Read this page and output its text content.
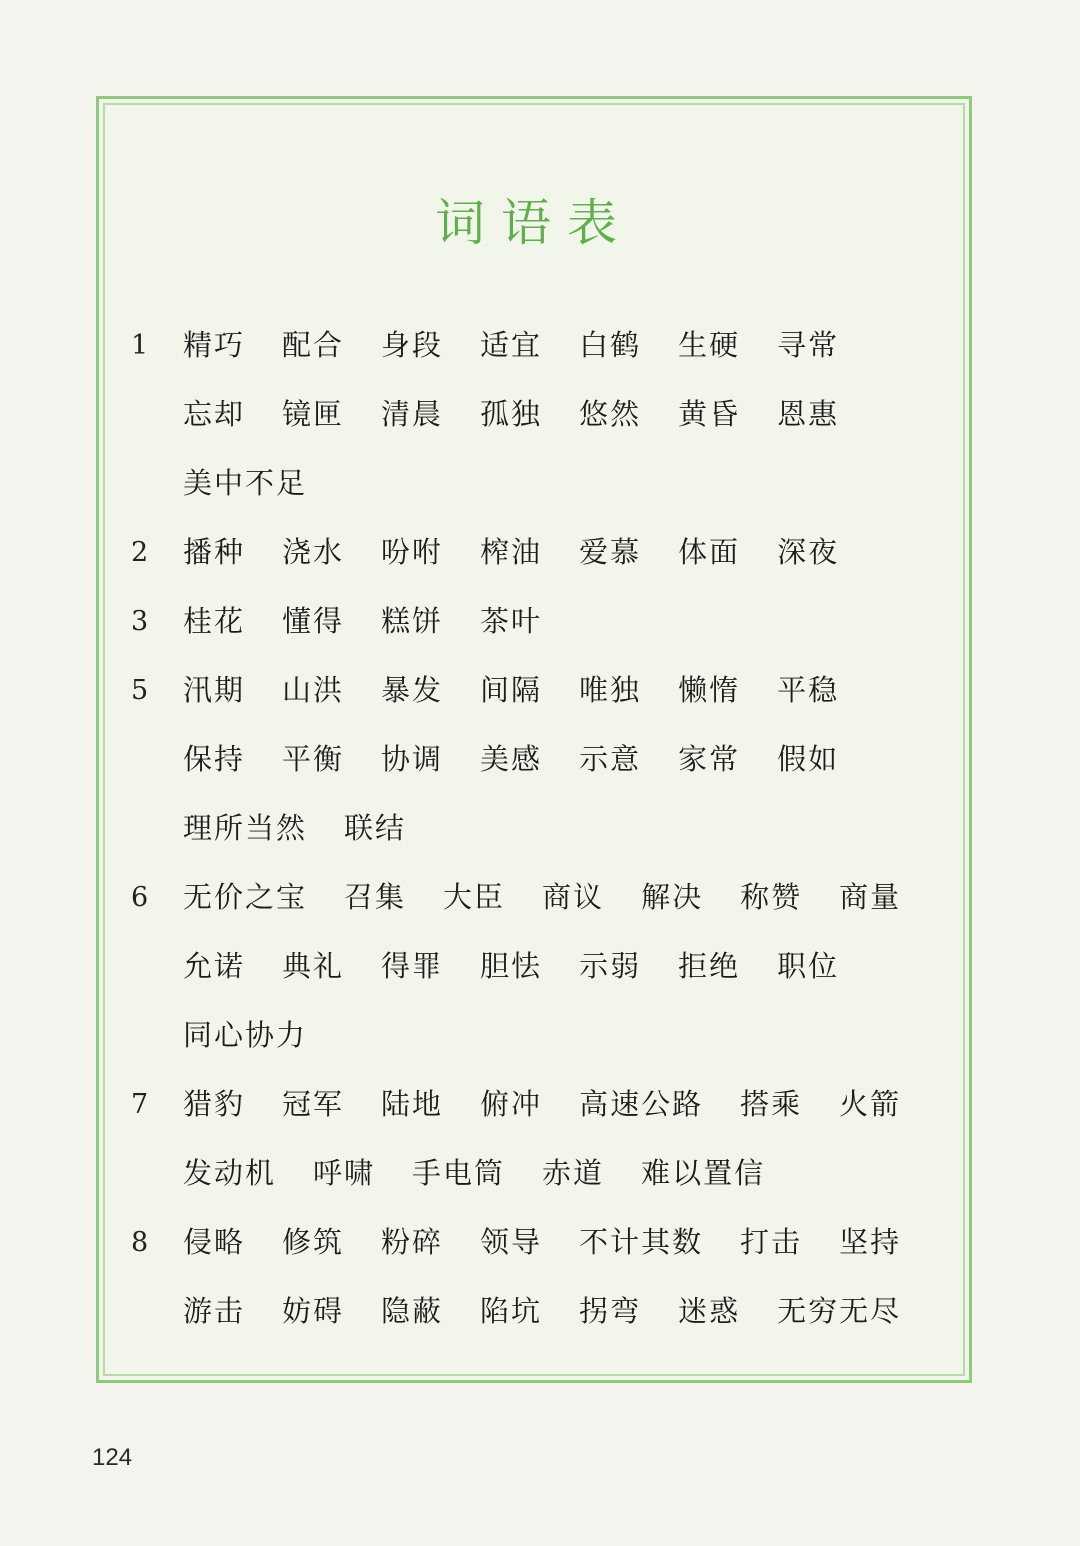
词语表
1	精巧 配合 身段 适宜 白鹤 生硬 寻常
忘却 镜匣 清晨 孤独 悠然 黄昏 恩惠
美中不足
2	播种 浇水 吩咐 榨油 爱慕 体面 深夜
3	桂花 懂得 糕饼 茶叶
5	汛期 山洪 暴发 间隔 唯独 懒惰 平稳
保持 平衡 协调 美感 示意 家常 假如
理所当然 联结
6	无价之宝 召集 大臣 商议 解决 称赞 商量
允诺 典礼 得罪 胆怯 示弱 拒绝 职位
同心协力
7	猎豹 冠军 陆地 俯冲 高速公路 搭乘 火箭
发动机 呼啸 手电筒 赤道 难以置信
8	侵略 修筑 粉碎 领导 不计其数 打击 坚持
游击 妨碍 隐蔽 陷坑 拐弯 迷惑 无穷无尽
124
